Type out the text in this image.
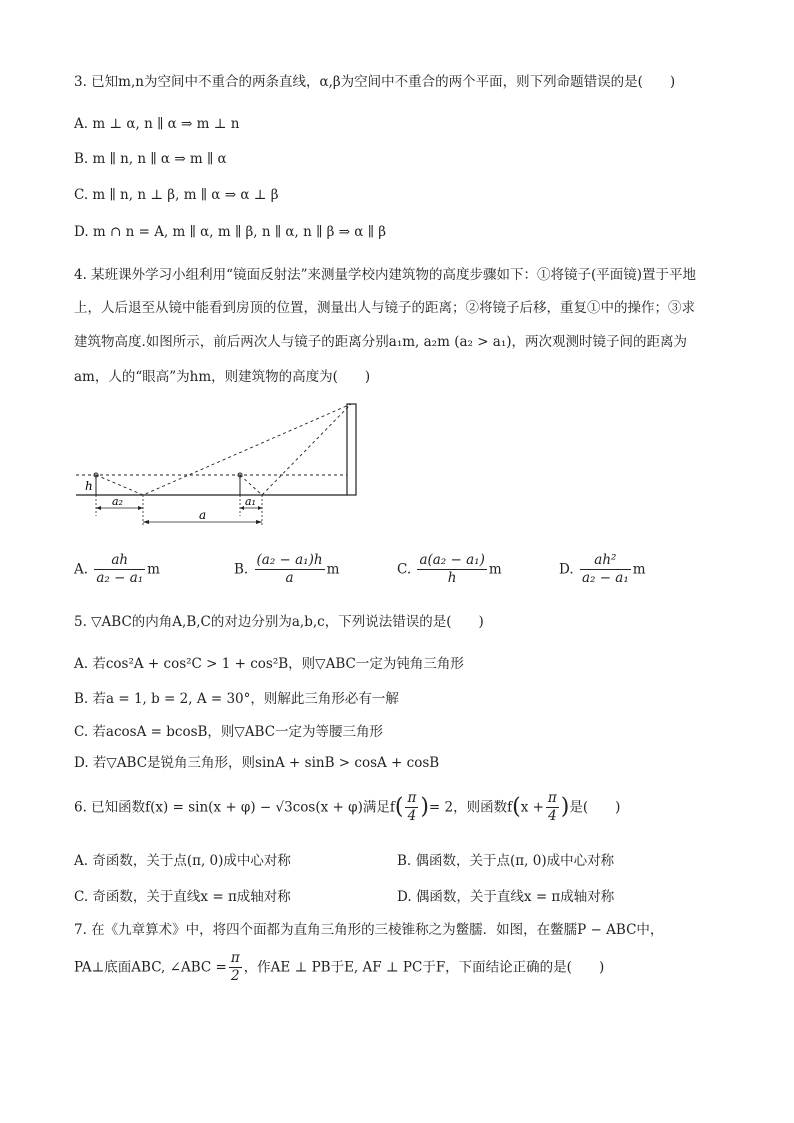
3. 已知m,n为空间中不重合的两条直线，α,β为空间中不重合的两个平面，则下列命题错误的是(　　)
A. m ⊥ α, n ∥ α ⇒ m ⊥ n
B. m ∥ n, n ∥ α ⇒ m ∥ α
C. m ∥ n, n ⊥ β, m ∥ α ⇒ α ⊥ β
D. m ∩ n = A, m ∥ α, m ∥ β, n ∥ α, n ∥ β ⇒ α ∥ β
4. 某班课外学习小组利用“镜面反射法”来测量学校内建筑物的高度步骤如下：①将镜子(平面镜)置于平地
上，人后退至从镜中能看到房顶的位置，测量出人与镜子的距离；②将镜子后移，重复①中的操作；③求
建筑物高度.如图所示，前后两次人与镜子的距离分别a₁m, a₂m (a₂ > a₁)，两次观测时镜子间的距离为
am，人的“眼高”为hm，则建筑物的高度为(　　)
h
a₂	a₁
a
A. $\frac{ah}{\text{a₂ − a₁}}$ m	B. $\frac{\text{(a₂ − a₁)h}}{a}$ m	C. $\frac{\text{a(a₂ − a₁)}}{h}$ m	D. $\frac{\text{ah²}}{\text{a₂ − a₁}}$ m
5. ▽ABC的内角A,B,C的对边分别为a,b,c，下列说法错误的是(　　)
A. 若cos²A + cos²C > 1 + cos²B，则▽ABC一定为钝角三角形
B. 若a = 1, b = 2, A = 30°，则解此三角形必有一解
C. 若acosA = bcosB，则▽ABC一定为等腰三角形
D. 若▽ABC是锐角三角形，则sinA + sinB > cosA + cosB
6. 已知函数f(x) = sin(x + φ) − √3cos(x + φ)满足$f( \frac{\pi}{4}$ )= 2，则函数$f(x + \frac{\pi}{4}$ )是(　　)
A. 奇函数，关于点(π, 0)成中心对称	B. 偶函数，关于点(π, 0)成中心对称
C. 奇函数，关于直线x = π成轴对称	D. 偶函数，关于直线x = π成轴对称
7. 在《九章算术》中，将四个面都为直角三角形的三棱锥称之为鳖臑．如图，在鳖臑P − ABC中，
PA⊥底面ABC, ∠ABC = $\frac{\pi}{2}$ ，作AE ⊥ PB于E, AF ⊥ PC于F，下面结论正确的是(　　)
